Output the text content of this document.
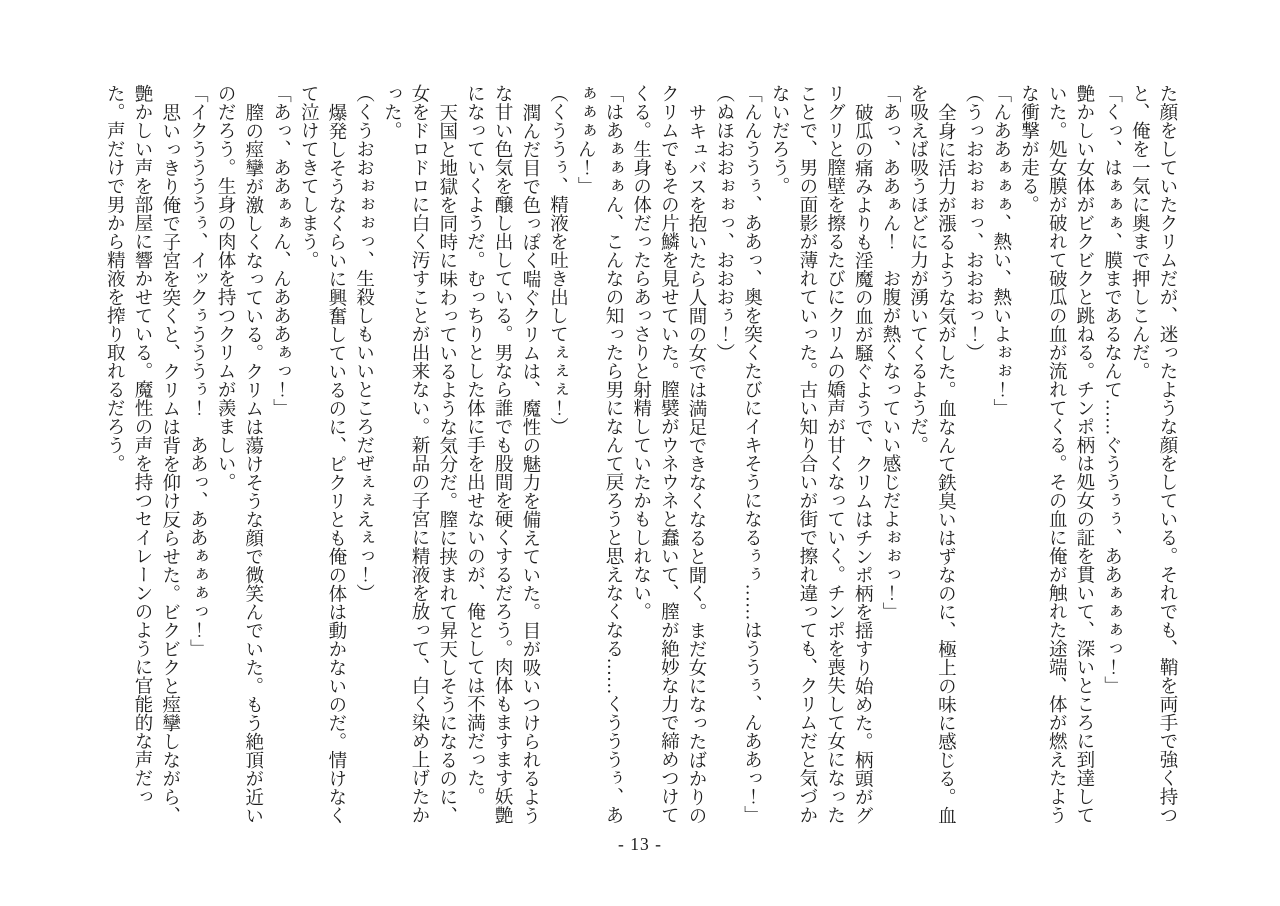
た顔をしていたクリムだが、迷ったような顔をしている。それでも、鞘を両手で強く持つと、俺を一気に奥まで押しこんだ。

「くっ、はぁぁぁ、膜まであるなんて……ぐううぅぅ、ああぁぁぁっ！」

艶かしい女体がビクビクと跳ねる。チンポ柄は処女の証を貫いて、深いところに到達していた。処女膜が破れて破瓜の血が流れてくる。その血に俺が触れた途端、体が燃えたような衝撃が走る。

「んああぁぁぁ、熱い、熱いよぉぉ！」

（うっおおぉぉっ、おおおっ！）

全身に活力が漲るような気がした。血なんて鉄臭いはずなのに、極上の味に感じる。血を吸えば吸うほどに力が湧いてくるようだ。

「あっ、ああぁん！　お腹が熱くなっていい感じだよぉぉっ！」

破瓜の痛みよりも淫魔の血が騒ぐようで、クリムはチンポ柄を揺すり始めた。柄頭がグリグリと膣壁を擦るたびにクリムの嬌声が甘くなっていく。チンポを喪失して女になったことで、男の面影が薄れていった。古い知り合いが街で擦れ違っても、クリムだと気づかないだろう。

「んんううぅ、ああっ、奥を突くたびにイキそうになるぅぅ……はううぅ、んああっ！」

（ぬほおおぉぉっ、おおおぅ！）

サキュバスを抱いたら人間の女では満足できなくなると聞く。まだ女になったばかりのクリムでもその片鱗を見せていた。膣襞がウネウネと蠢いて、膣が絶妙な力で締めつけてくる。生身の体だったらあっさりと射精していたかもしれない。

「はあぁぁぁん、こんなの知ったら男になんて戻ろうと思えなくなる……くうううぅ、あぁぁぁん！」

（くううぅ、精液を吐き出してぇぇぇ！）

潤んだ目で色っぽく喘ぐクリムは、魔性の魅力を備えていた。目が吸いつけられるような甘い色気を醸し出している。男なら誰でも股間を硬くするだろう。肉体もますます妖艶になっていくようだ。むっちりとした体に手を出せないのが、俺としては不満だった。

天国と地獄を同時に味わっているような気分だ。膣に挟まれて昇天しそうになるのに、女をドロドロに白く汚すことが出来ない。新品の子宮に精液を放って、白く染め上げたかった。

（くうおおぉぉぉっ、生殺しもいいところだぜぇぇえぇっ！）

爆発しそうなくらいに興奮しているのに、ピクリとも俺の体は動かないのだ。情けなくて泣けてきてしまう。

「あっ、ああぁぁん、んあああぁっ！」

膣の痙攣が激しくなっている。クリムは蕩けそうな顔で微笑んでいた。もう絶頂が近いのだろう。生身の肉体を持つクリムが羨ましい。

「イクううううぅ、イックぅうううぅ！　ああっ、ああぁぁぁっ！」

思いっきり俺で子宮を突くと、クリムは背を仰け反らせた。ビクビクと痙攣しながら、艶かしい声を部屋に響かせている。魔性の声を持つセイレーンのように官能的な声だった。声だけで男から精液を搾り取れるだろう。

- 13 -
